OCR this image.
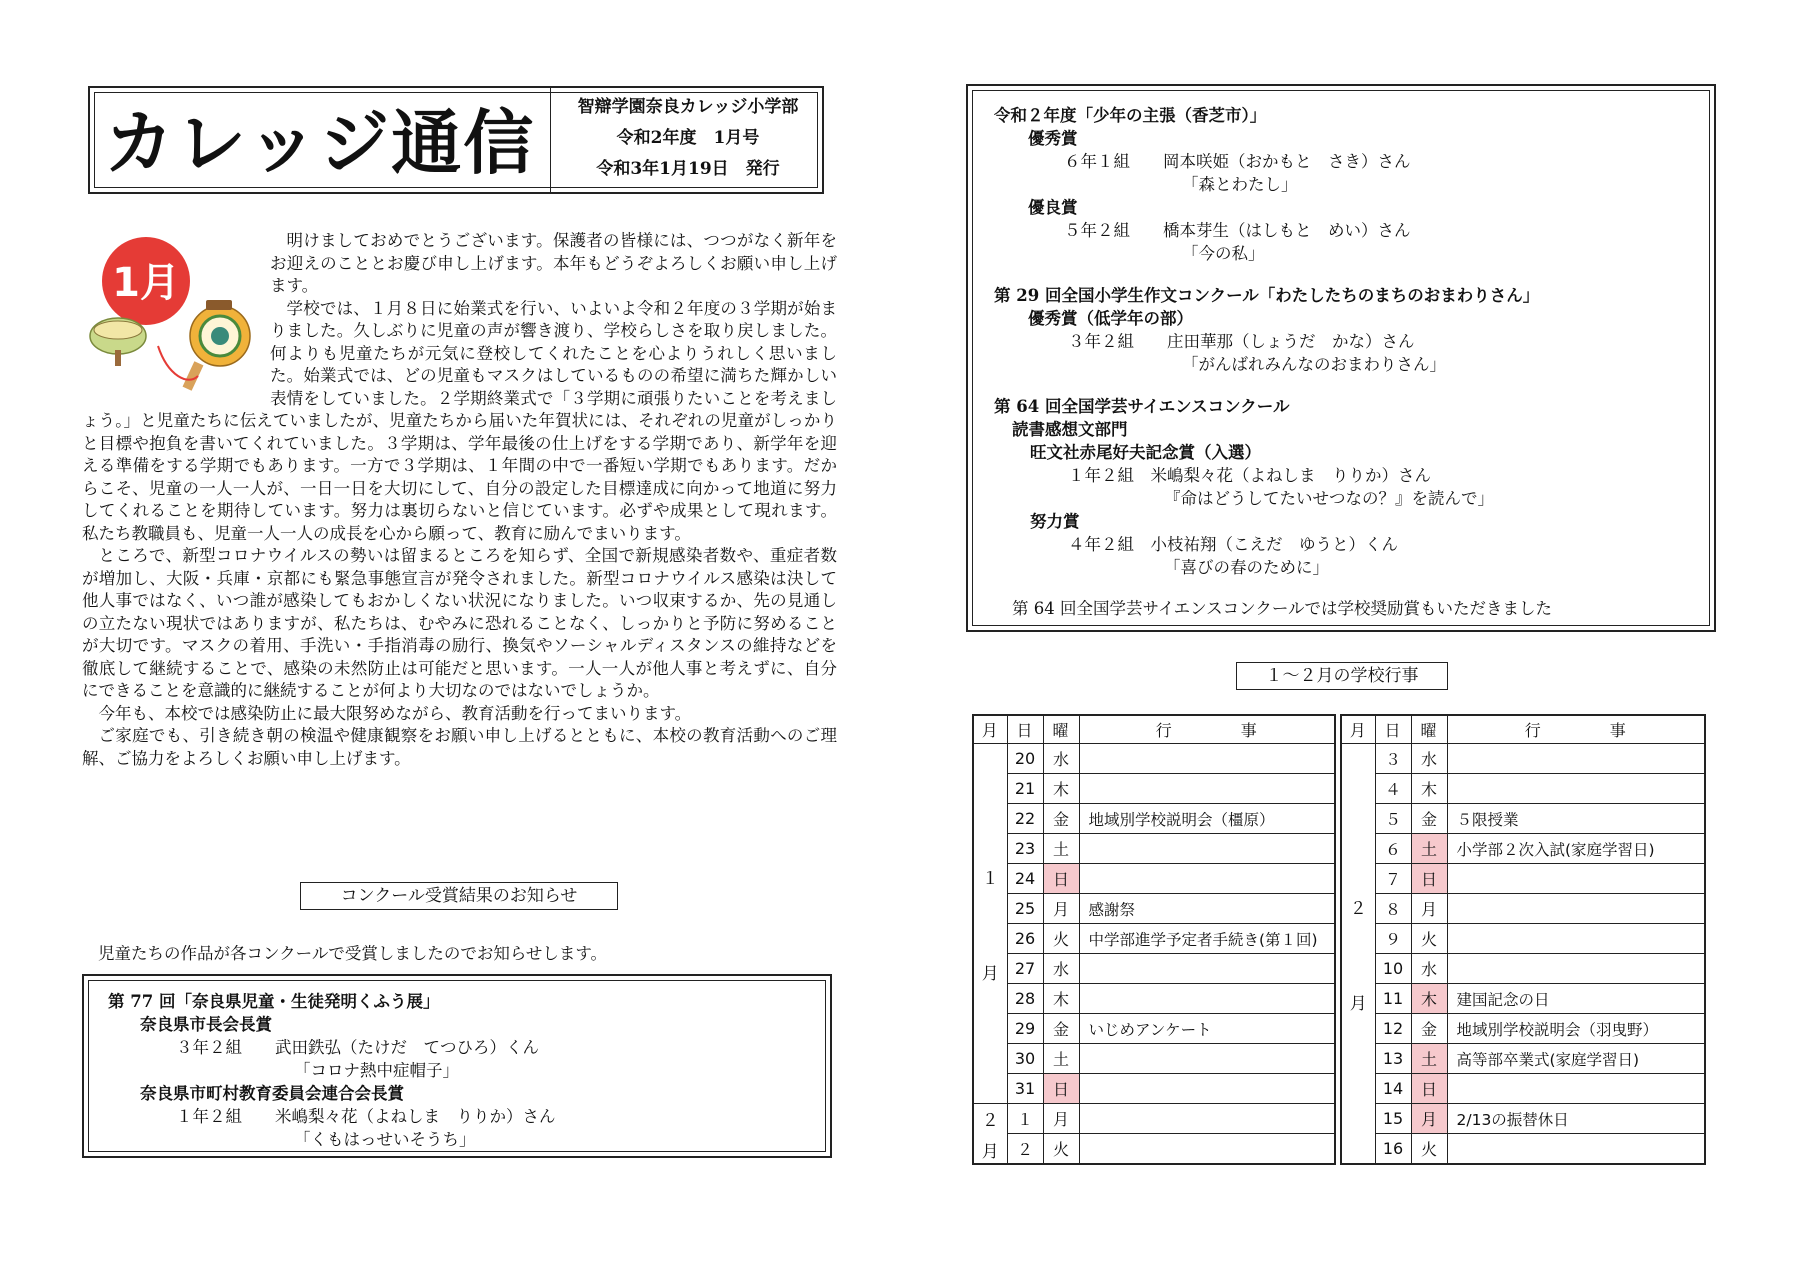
カレッジ通信	智辯学園奈良カレッジ小学部
令和2年度　1月号
令和3年1月19日　発行
1月

明けましておめでとうございます。保護者の皆様には、つつがなく新年をお迎えのこととお慶び申し上げます。本年もどうぞよろしくお願い申し上げます。

学校では、１月８日に始業式を行い、いよいよ令和２年度の３学期が始まりました。久しぶりに児童の声が響き渡り、学校らしさを取り戻しました。何よりも児童たちが元気に登校してくれたことを心よりうれしく思いました。始業式では、どの児童もマスクはしているものの希望に満ちた輝かしい表情をしていました。２学期終業式で「３学期に頑張りたいことを考えましょう。」と児童たちに伝えていましたが、児童たちから届いた年賀状には、それぞれの児童がしっかりと目標や抱負を書いてくれていました。３学期は、学年最後の仕上げをする学期であり、新学年を迎える準備をする学期でもあります。一方で３学期は、１年間の中で一番短い学期でもあります。だからこそ、児童の一人一人が、一日一日を大切にして、自分の設定した目標達成に向かって地道に努力してくれることを期待しています。努力は裏切らないと信じています。必ずや成果として現れます。私たち教職員も、児童一人一人の成長を心から願って、教育に励んでまいります。

ところで、新型コロナウイルスの勢いは留まるところを知らず、全国で新規感染者数や、重症者数が増加し、大阪・兵庫・京都にも緊急事態宣言が発令されました。新型コロナウイルス感染は決して他人事ではなく、いつ誰が感染してもおかしくない状況になりました。いつ収束するか、先の見通しの立たない現状ではありますが、私たちは、むやみに恐れることなく、しっかりと予防に努めることが大切です。マスクの着用、手洗い・手指消毒の励行、換気やソーシャルディスタンスの維持などを徹底して継続することで、感染の未然防止は可能だと思います。一人一人が他人事と考えずに、自分にできることを意識的に継続することが何より大切なのではないでしょうか。

今年も、本校では感染防止に最大限努めながら、教育活動を行ってまいります。

ご家庭でも、引き続き朝の検温や健康観察をお願い申し上げるとともに、本校の教育活動へのご理解、ご協力をよろしくお願い申し上げます。

コンクール受賞結果のお知らせ
児童たちの作品が各コンクールで受賞しましたのでお知らせします。
第 77 回「奈良県児童・生徒発明くふう展」
奈良県市長会長賞
３年２組　　武田鉄弘（たけだ　てつひろ）くん
「コロナ熱中症帽子」
奈良県市町村教育委員会連合会長賞
１年２組　　米嶋梨々花（よねしま　りりか）さん
「くもはっせいそうち」
令和２年度「少年の主張（香芝市）」
優秀賞
６年１組　　岡本咲姫（おかもと　さき）さん
「森とわたし」
優良賞
５年２組　　橋本芽生（はしもと　めい）さん
「今の私」
第 29 回全国小学生作文コンクール「わたしたちのまちのおまわりさん」
優秀賞（低学年の部）
３年２組　　庄田華那（しょうだ　かな）さん
「がんばれみんなのおまわりさん」
第 64 回全国学芸サイエンスコンクール
読書感想文部門
旺文社赤尾好夫記念賞（入選）
１年２組　米嶋梨々花（よねしま　りりか）さん
『命はどうしてたいせつなの？』を読んで」
努力賞
４年２組　小枝祐翔（こえだ　ゆうと）くん
「喜びの春のために」
第 64 回全国学芸サイエンスコンクールでは学校奨励賞もいただきました
１～２月の学校行事
月	日	曜	行　　　　事

１
月	20	水	
	21	木	
	22	金	地域別学校説明会（橿原）
	23	土	
	24	日	
	25	月	感謝祭
	26	火	中学部進学予定者手続き(第１回)
	27	水	
	28	木	
	29	金	いじめアンケート
	30	土	
	31	日	

２
月	１	月	
	２	火	
月	日	曜	行　　　　事

２
月	３	水	
	４	木	
	５	金	５限授業
	６	土	小学部２次入試(家庭学習日)
	７	日	
	８	月	
	９	火	
	10	水	
	11	木	建国記念の日
	12	金	地域別学校説明会（羽曳野）
	13	土	高等部卒業式(家庭学習日)
	14	日	
	15	月	2/13の振替休日
	16	火	
